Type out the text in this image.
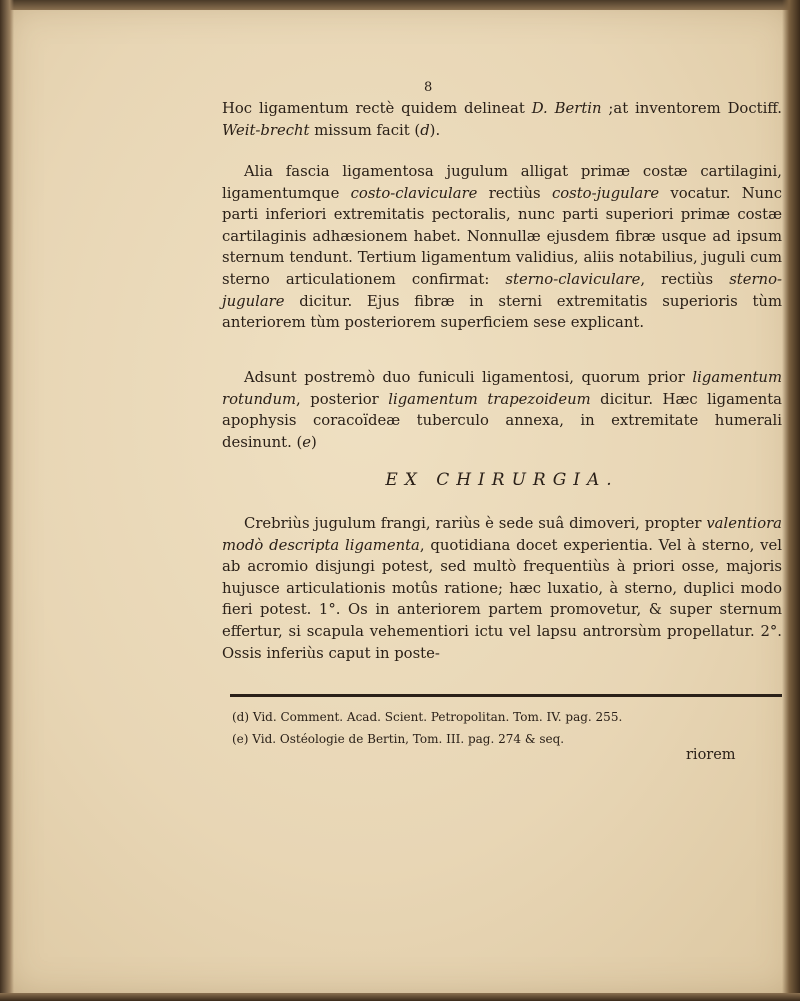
8

Hoc ligamentum rectè quidem delineat D. Bertin ;at inventorem Doctiff. Weit-brecht missum facit (d).

Alia fascia ligamentosa jugulum alligat primæ costæ cartilagini, ligamentumque costo-claviculare rectiùs costo-jugulare vocatur. Nunc parti inferiori extremitatis pectoralis, nunc parti superiori primæ costæ cartilaginis adhæsionem habet. Nonnullæ ejusdem fibræ usque ad ipsum sternum tendunt. Tertium ligamentum validius, aliis notabilius, juguli cum sterno articulationem confirmat: sterno-claviculare, rectiùs sterno-jugulare dicitur. Ejus fibræ in sterni extremitatis superioris tùm anteriorem tùm posteriorem superficiem sese explicant.

Adsunt postremò duo funiculi ligamentosi, quorum prior ligamentum rotundum, posterior ligamentum trapezoideum dicitur. Hæc ligamenta apophysis coracoïdeæ tuberculo annexa, in extremitate humerali desinunt. (e)

EX CHIRURGIA.

Crebriùs jugulum frangi, rariùs è sede suâ dimoveri, propter valentiora modò descripta ligamenta, quotidiana docet experientia. Vel à sterno, vel ab acromio disjungi potest, sed multò frequentiùs à priori osse, majoris hujusce articulationis motûs ratione; hæc luxatio, à sterno, duplici modo fieri potest. 1°. Os in anteriorem partem promovetur, & super sternum effertur, si scapula vehementiori ictu vel lapsu antrorsùm propellatur. 2°. Ossis inferiùs caput in poste-

(d) Vid. Comment. Acad. Scient. Petropolitan. Tom. IV. pag. 255.
(e) Vid. Ostéologie de Bertin, Tom. III. pag. 274 & seq.
riorem
